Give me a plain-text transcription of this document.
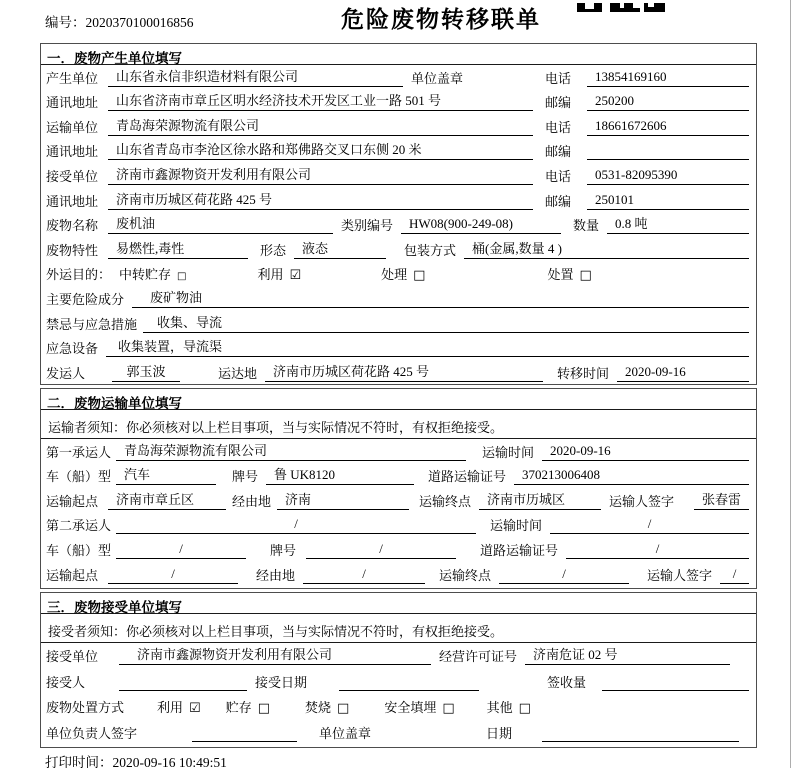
编号：2020370100016856	危险废物转移联单
一．废物产生单位填写
产生单位	山东省永信非织造材料有限公司	单位盖章	电话	13854169160
通讯地址	山东省济南市章丘区明水经济技术开发区工业一路 501 号	邮编	250200
运输单位	青岛海荣源物流有限公司	电话	18661672606
通讯地址	山东省青岛市李沧区徐水路和郑佛路交叉口东侧 20 米	邮编
接受单位	济南市鑫源物资开发利用有限公司	电话	0531-82095390
通讯地址	济南市历城区荷花路 425 号	邮编	250101
废物名称	废机油	类别编号	HW08(900-249-08)	数量	0.8 吨
废物特性	易燃性,毒性	形态	液态	包装方式	桶(金属,数量 4 )
外运目的： 中转贮存 □	利用 ☑	处理 □	处置 □
主要危险成分	废矿物油
禁忌与应急措施	收集、导流
应急设备	收集装置，导流渠
发运人	郭玉波	运达地	济南市历城区荷花路 425 号	转移时间	2020-09-16
二．废物运输单位填写
运输者须知：你必须核对以上栏目事项，当与实际情况不符时，有权拒绝接受。
第一承运人 青岛海荣源物流有限公司	运输时间	2020-09-16
车（船）型 汽车	牌号	鲁 UK8120	道路运输证号	370213006408
运输起点	济南市章丘区	经由地	济南	运输终点	济南市历城区	运输人签字	张春雷
第二承运人	/	运输时间	/
车（船）型	/	牌号	/	道路运输证号	/
运输起点	/	经由地	/	运输终点	/	运输人签字	/
三．废物接受单位填写
接受者须知：你必须核对以上栏目事项，当与实际情况不符时，有权拒绝接受。
接受单位	济南市鑫源物资开发利用有限公司	经营许可证号	济南危证 02 号
接受人	接受日期	签收量
废物处置方式	利用 ☑ 贮存 □	焚烧 □	安全填埋 □ 其他 □
单位负责人签字	单位盖章	日期
打印时间：2020-09-16 10:49:51
